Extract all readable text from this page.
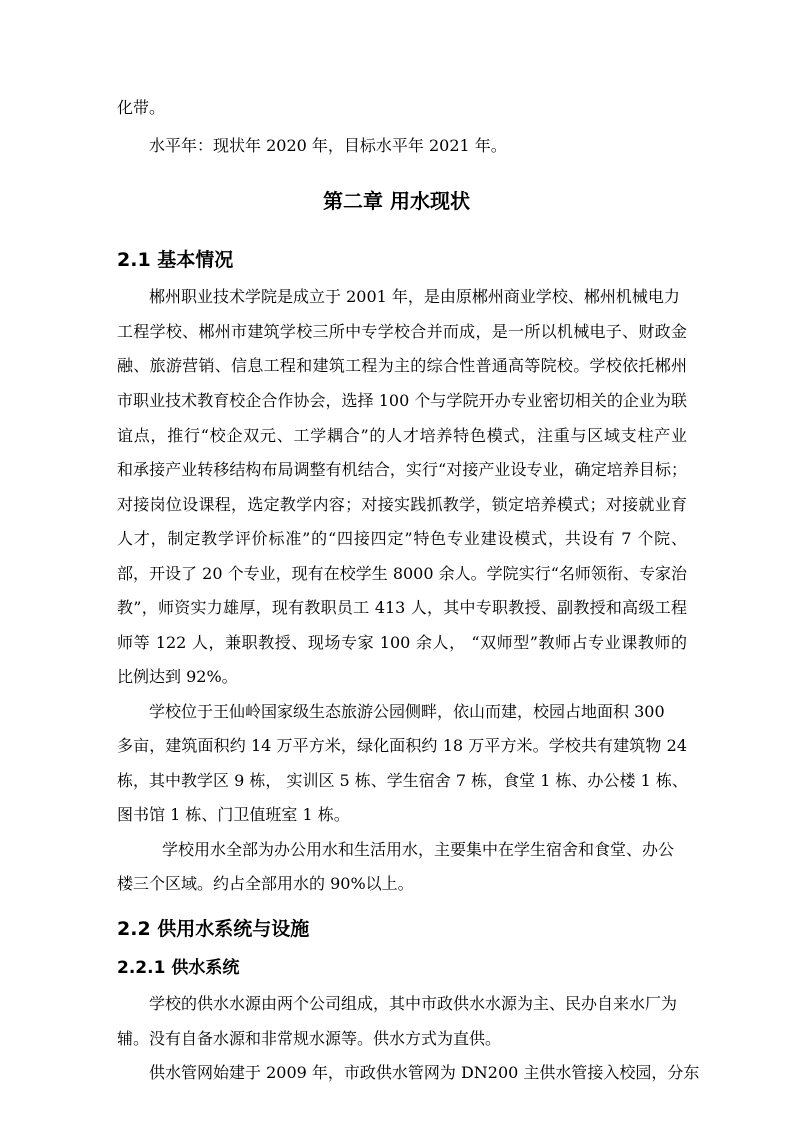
化带。
水平年：现状年 2020 年，目标水平年 2021 年。
第二章 用水现状
2.1 基本情况
郴州职业技术学院是成立于 2001 年，是由原郴州商业学校、郴州机械电力
工程学校、郴州市建筑学校三所中专学校合并而成，是一所以机械电子、财政金
融、旅游营销、信息工程和建筑工程为主的综合性普通高等院校。学校依托郴州
市职业技术教育校企合作协会，选择 100 个与学院开办专业密切相关的企业为联
谊点，推行“校企双元、工学耦合”的人才培养特色模式，注重与区域支柱产业
和承接产业转移结构布局调整有机结合，实行“对接产业设专业，确定培养目标；
对接岗位设课程，选定教学内容；对接实践抓教学，锁定培养模式；对接就业育
人才，制定教学评价标准”的“四接四定”特色专业建设模式，共设有 7 个院、
部，开设了 20 个专业，现有在校学生 8000 余人。学院实行“名师领衔、专家治
教”，师资实力雄厚，现有教职员工 413 人，其中专职教授、副教授和高级工程
师等 122 人，兼职教授、现场专家 100 余人， “双师型”教师占专业课教师的
比例达到 92%。
学校位于王仙岭国家级生态旅游公园侧畔，依山而建，校园占地面积 300
多亩，建筑面积约 14 万平方米，绿化面积约 18 万平方米。学校共有建筑物 24
栋，其中教学区 9 栋， 实训区 5 栋、学生宿舍 7 栋，食堂 1 栋、办公楼 1 栋、
图书馆 1 栋、门卫值班室 1 栋。
学校用水全部为办公用水和生活用水，主要集中在学生宿舍和食堂、办公
楼三个区域。约占全部用水的 90%以上。
2.2 供用水系统与设施
2.2.1 供水系统
学校的供水水源由两个公司组成，其中市政供水水源为主、民办自来水厂为
辅。没有自备水源和非常规水源等。供水方式为直供。
供水管网始建于 2009 年，市政供水管网为 DN200 主供水管接入校园，分东
